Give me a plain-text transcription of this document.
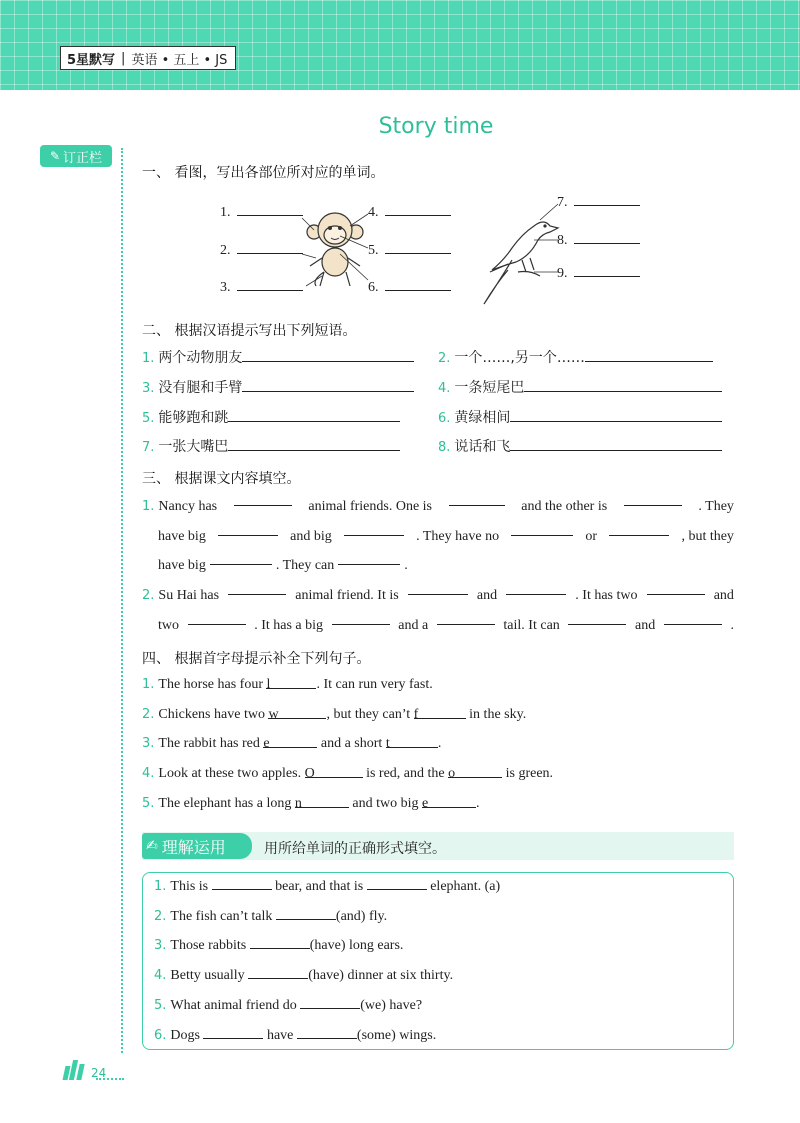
5星默写 | 英语 • 五上 • JS
Story time
✎ 订正栏
一、 看图，写出各部位所对应的单词。
1.
2.
3.
4.
5.
6.
7.
8.
9.
二、 根据汉语提示写出下列短语。
1. 两个动物朋友	2. 一个……,另一个……
3. 没有腿和手臂	4. 一条短尾巴
5. 能够跑和跳	6. 黄绿相间
7. 一张大嘴巴	8. 说话和飞
三、 根据课文内容填空。
1. Nancy has	animal friends. One is	and the other is	. They
have big	and big	. They have no	or	, but they
have big	. They can	.
2. Su Hai has	animal friend. It is	and	. It has two	and
two	. It has a big	and a	tail. It can	and	.
四、 根据首字母提示补全下列句子。
1. The horse has four l	. It can run very fast.
2. Chickens have two w	, but they can’t f	in the sky.
3. The rabbit has red e	and a short t	.
4. Look at these two apples. O	is red, and the o	is green.
5. The elephant has a long n	and two big e	.
✍ 理解运用	用所给单词的正确形式填空。
1. This is	bear, and that is	elephant. (a)
2. The fish can’t talk	(and) fly.
3. Those rabbits	(have) long ears.
4. Betty usually	(have) dinner at six thirty.
5. What animal friend do	(we) have?
6. Dogs	have	(some) wings.
24
